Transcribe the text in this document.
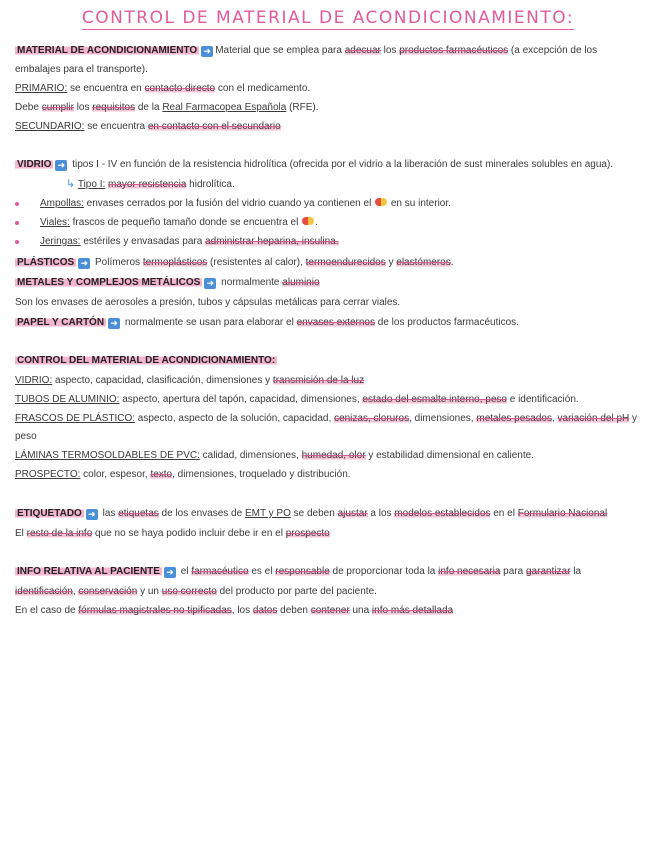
CONTROL DE MATERIAL DE ACONDICIONAMIENTO:
MATERIAL DE ACONDICIONAMIENTO ➜ Material que se emplea para adecuar los productos farmacéuticos (a excepción de los
embalajes para el transporte).
PRIMARIO: se encuentra en contacto directo con el medicamento.
Debe cumplir los requisitos de la Real Farmacopea Española (RFE).
SECUNDARIO: se encuentra en contacto con el secundario
VIDRIO ➜ tipos I - IV en función de la resistencia hidrolítica (ofrecida por el vidrio a la liberación de sust minerales solubles en agua).
↳ Tipo I: mayor resistencia hidrolítica.
Ampollas: envases cerrados por la fusión del vidrio cuando ya contienen el  en su interior.
Viales: frascos de pequeño tamaño donde se encuentra el .
Jeringas: estériles y envasadas para administrar heparina, insulina.
PLÁSTICOS ➜ Polímeros termoplásticos (resistentes al calor), termoendurecidos y elastómeros.
METALES Y COMPLEJOS METÁLICOS ➜ normalmente aluminio
Son los envases de aerosoles a presión, tubos y cápsulas metálicas para cerrar viales.
PAPEL Y CARTÓN ➜ normalmente se usan para elaborar el envases externos de los productos farmacéuticos.
CONTROL DEL MATERIAL DE ACONDICIONAMIENTO:
VIDRIO: aspecto, capacidad, clasificación, dimensiones y transmisión de la luz
TUBOS DE ALUMINIO: aspecto, apertura del tapón, capacidad, dimensiones, estado del esmalte interno, peso e identificación.
FRASCOS DE PLÁSTICO: aspecto, aspecto de la solución, capacidad, cenizas, cloruros, dimensiones, metales pesados, variación del pH y
peso
LÁMINAS TERMOSOLDABLES DE PVC: calidad, dimensiones, humedad, olor y estabilidad dimensional en caliente.
PROSPECTO: color, espesor, texto, dimensiones, troquelado y distribución.
ETIQUETADO ➜ las etiquetas de los envases de EMT y PO se deben ajustar a los modelos establecidos en el Formulario Nacional
El resto de la info que no se haya podido incluir debe ir en el prospecto
INFO RELATIVA AL PACIENTE ➜ el farmacéutico es el responsable de proporcionar toda la info necesaria para garantizar la
identificación, conservación y un uso correcto del producto por parte del paciente.
En el caso de fórmulas magistrales no tipificadas, los datos deben contener una info más detallada
